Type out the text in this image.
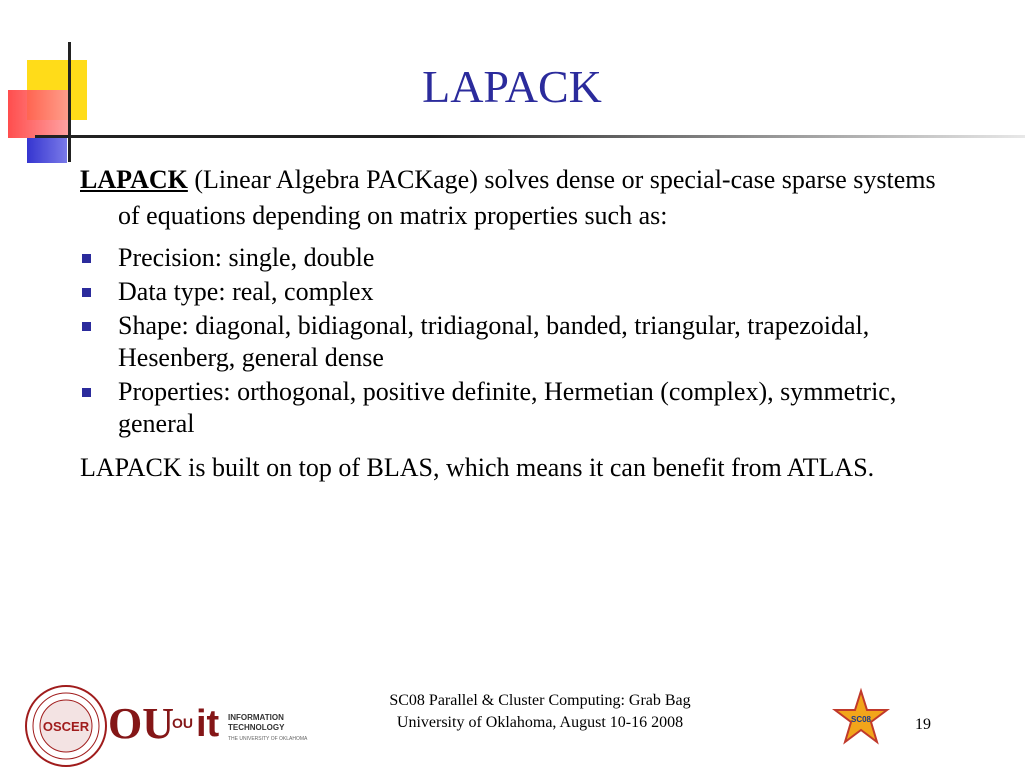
LAPACK

LAPACK (Linear Algebra PACKage) solves dense or special-case sparse systems of equations depending on matrix properties such as:

Precision: single, double
Data type: real, complex
Shape: diagonal, bidiagonal, tridiagonal, banded, triangular, trapezoidal, Hesenberg, general dense
Properties: orthogonal, positive definite, Hermetian (complex), symmetric, general

LAPACK is built on top of BLAS, which means it can benefit from ATLAS.

OSCER OU
OU it INFORMATION
TECHNOLOGY
THE UNIVERSITY OF OKLAHOMA
SC08
SC08 Parallel & Cluster Computing: Grab Bag
University of Oklahoma, August 10-16 2008	19
